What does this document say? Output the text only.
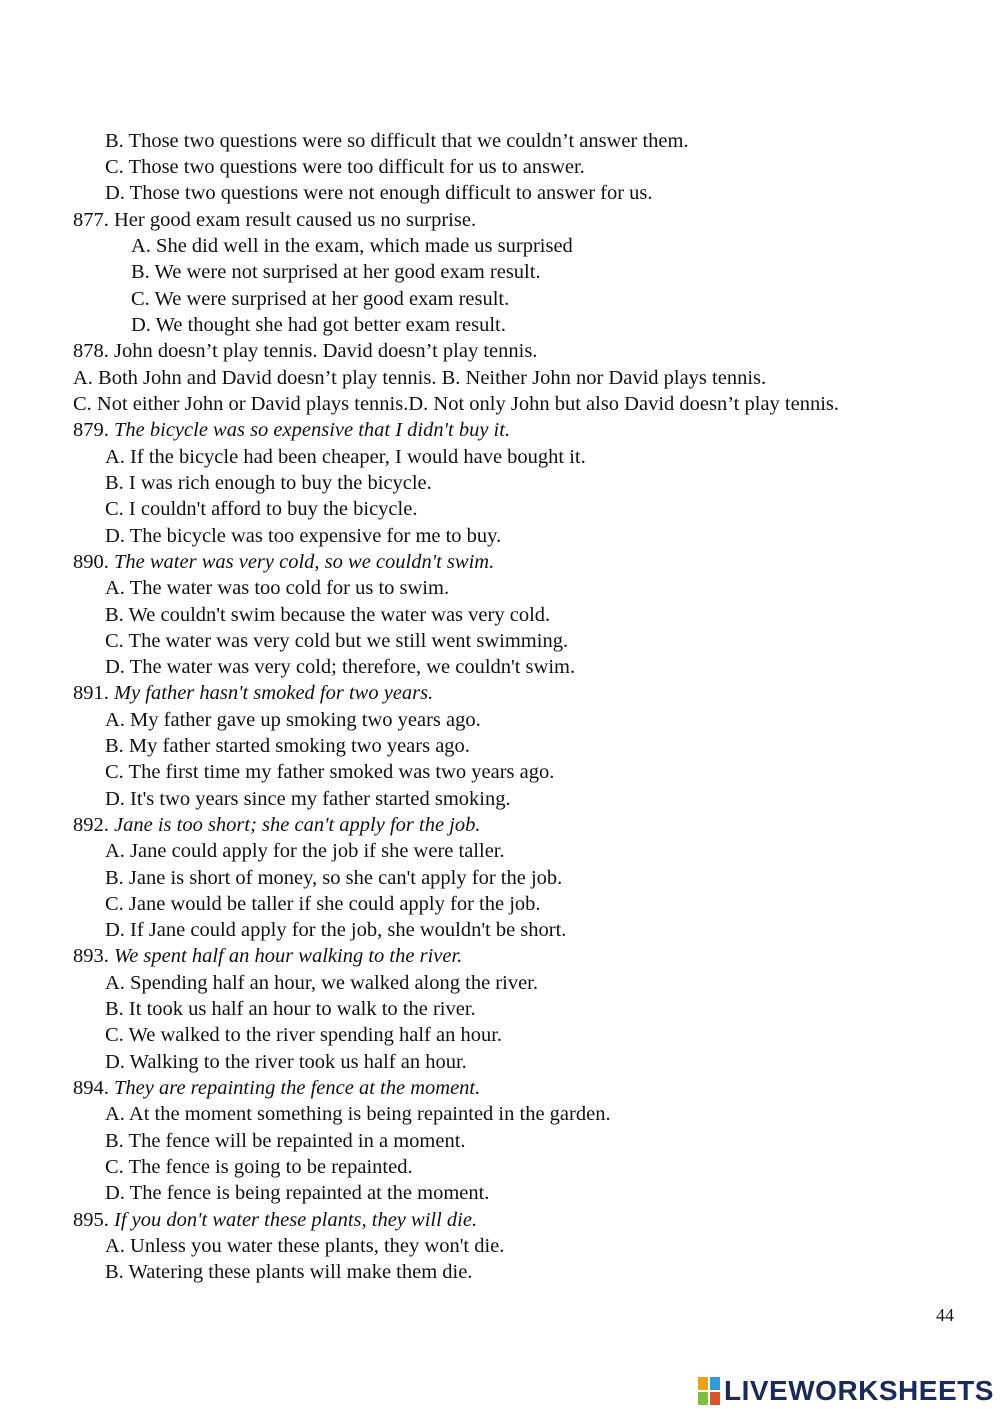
B. Those two questions were so difficult that we couldn’t answer them.
C. Those two questions were too difficult for us to answer.
D. Those two questions were not enough difficult to answer for us.
877. Her good exam result caused us no surprise.
A. She did well in the exam, which made us surprised
B. We were not surprised at her good exam result.
C. We were surprised at her good exam result.
D. We thought she had got better exam result.
878. John doesn’t play tennis. David doesn’t play tennis.
A. Both John and David doesn’t play tennis. B. Neither John nor David plays tennis.
C. Not either John or David plays tennis.D. Not only John but also David doesn’t play tennis.
879. The bicycle was so expensive that I didn't buy it.
A. If the bicycle had been cheaper, I would have bought it.
B. I was rich enough to buy the bicycle.
C. I couldn't afford to buy the bicycle.
D. The bicycle was too expensive for me to buy.
890. The water was very cold, so we couldn't swim.
A. The water was too cold for us to swim.
B. We couldn't swim because the water was very cold.
C. The water was very cold but we still went swimming.
D. The water was very cold; therefore, we couldn't swim.
891. My father hasn't smoked for two years.
A. My father gave up smoking two years ago.
B. My father started smoking two years ago.
C. The first time my father smoked was two years ago.
D. It's two years since my father started smoking.
892. Jane is too short; she can't apply for the job.
A. Jane could apply for the job if she were taller.
B. Jane is short of money, so she can't apply for the job.
C. Jane would be taller if she could apply for the job.
D. If Jane could apply for the job, she wouldn't be short.
893. We spent half an hour walking to the river.
A. Spending half an hour, we walked along the river.
B. It took us half an hour to walk to the river.
C. We walked to the river spending half an hour.
D. Walking to the river took us half an hour.
894. They are repainting the fence at the moment.
A. At the moment something is being repainted in the garden.
B. The fence will be repainted in a moment.
C. The fence is going to be repainted.
D. The fence is being repainted at the moment.
895. If you don't water these plants, they will die.
A. Unless you water these plants, they won't die.
B. Watering these plants will make them die.
44
LIVEWORKSHEETS
